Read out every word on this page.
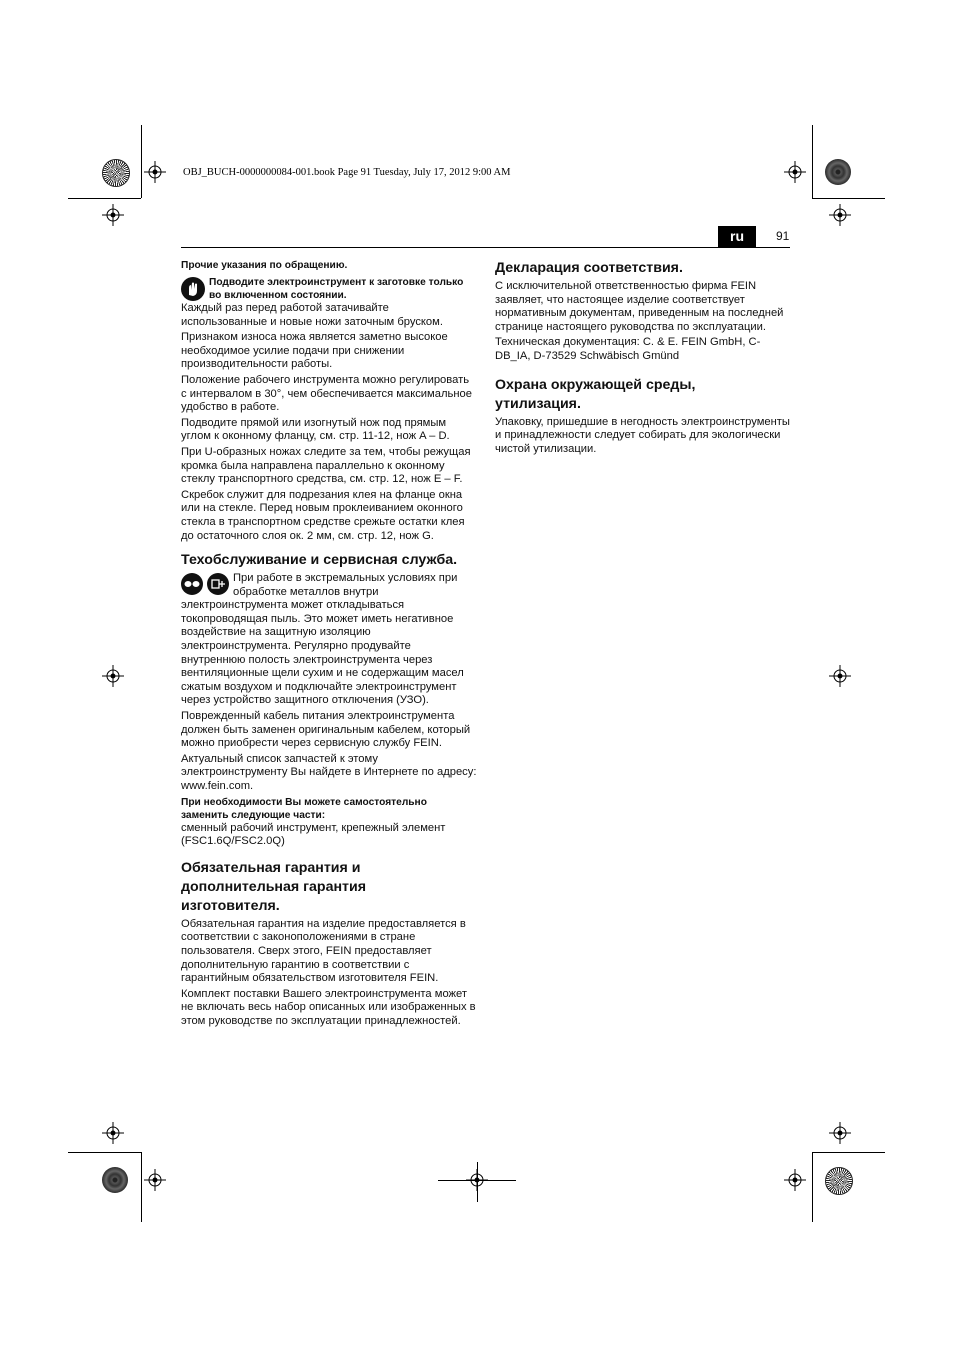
OBJ_BUCH-0000000084-001.book Page 91 Tuesday, July 17, 2012 9:00 AM
ru	91
Прочие указания по обращению.
Подводите электроинструмент к заготовке только во включенном состоянии.

Каждый раз перед работой затачивайте использованные и новые ножи заточным бруском.

Признаком износа ножа является заметно высокое необходимое усилие подачи при снижении производительности работы.

Положение рабочего инструмента можно регулировать с интервалом в 30°, чем обеспечивается максимальное удобство в работе.

Подводите прямой или изогнутый нож под прямым углом к оконному фланцу, см. стр. 11-12, нож A – D.

При U-образных ножах следите за тем, чтобы режущая кромка была направлена параллельно к оконному стеклу транспортного средства, см. стр. 12, нож E – F.

Скребок служит для подрезания клея на фланце окна или на стекле. Перед новым проклеиванием оконного стекла в транспортном средстве срежьте остатки клея до остаточного слоя ок. 2 мм, см. стр. 12, нож G.

Техобслуживание и сервисная служба.

При работе в экстремальных условиях при обработке металлов внутри электроинструмента может откладываться токопроводящая пыль. Это может иметь негативное воздействие на защитную изоляцию электроинструмента. Регулярно продувайте внутреннюю полость электроинструмента через вентиляционные щели сухим и не содержащим масел сжатым воздухом и подключайте электроинструмент через устройство защитного отключения (УЗО).

Поврежденный кабель питания электроинструмента должен быть заменен оригинальным кабелем, который можно приобрести через сервисную службу FEIN.

Актуальный список запчастей к этому электроинструменту Вы найдете в Интернете по адресу: www.fein.com.

При необходимости Вы можете самостоятельно заменить следующие части:

сменный рабочий инструмент, крепежный элемент (FSC1.6Q/FSC2.0Q)

Обязательная гарантия и дополнительная гарантия изготовителя.

Обязательная гарантия на изделие предоставляется в соответствии с законоположениями в стране пользователя. Сверх этого, FEIN предоставляет дополнительную гарантию в соответствии с гарантийным обязательством изготовителя FEIN.

Комплект поставки Вашего электроинструмента может не включать весь набор описанных или изображенных в этом руководстве по эксплуатации принадлежностей.

Декларация соответствия.

С исключительной ответственностью фирма FEIN заявляет, что настоящее изделие соответствует нормативным документам, приведенным на последней странице настоящего руководства по эксплуатации.

Техническая документация: C. & E. FEIN GmbH, C-DB_IA, D-73529 Schwäbisch Gmünd

Охрана окружающей среды, утилизация.

Упаковку, пришедшие в негодность электроинструменты и принадлежности следует собирать для экологически чистой утилизации.
